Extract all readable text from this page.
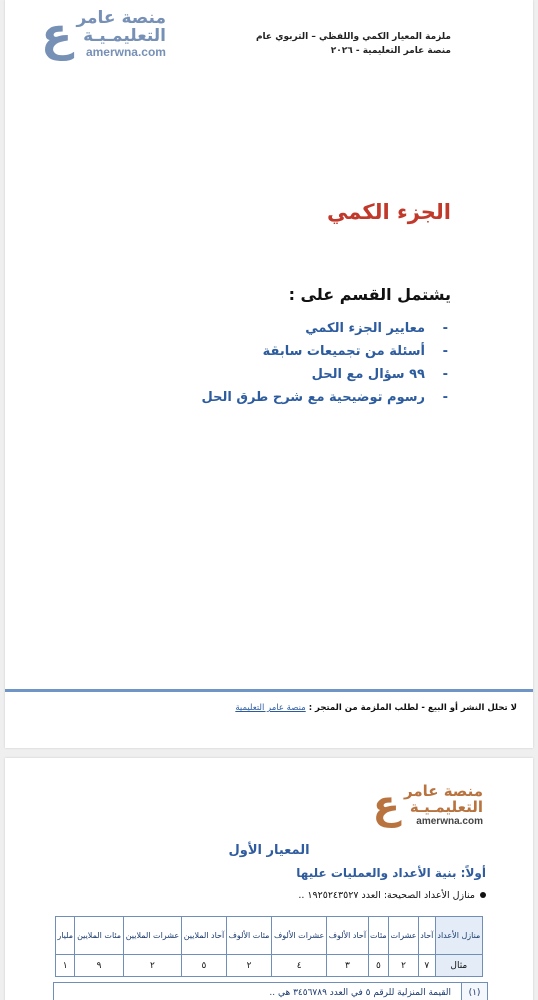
ع منصة عامر
التعليمـيـة
amerwna.com
ملزمة المعيار الكمي واللفظي – التربوي عام
منصة عامر التعليمية - ٢٠٢٦
الجزء الكمي
يشتمل القسم على :
-
معايير الجزء الكمي
-
أسئلة من تجميعات سابقة
-
٩٩ سؤال مع الحل
-
رسوم توضيحية مع شرح طرق الحل
لا تحلل النشر أو البيع - لطلب الملزمة من المتجر : منصة عامر التعليمية
ع منصة عامر
التعليمـيـة
amerwna.com
المعيار الأول
أولاً: بنية الأعداد والعمليات عليها
منازل الأعداد الصحيحة: العدد ١٩٢٥٢٤٣٥٢٧ ..
منازل الأعداد	آحاد	عشرات	مئات	آحاد الألوف	عشرات الألوف	مئات الألوف	آحاد الملايين	عشرات الملايين	مئات الملايين	مليار
مثال	٧	٢	٥	٣	٤	٢	٥	٢	٩	١
(١)
القيمة المنزلية للرقم ٥ في العدد ٣٤٥٦٧٨٩ هي ..
